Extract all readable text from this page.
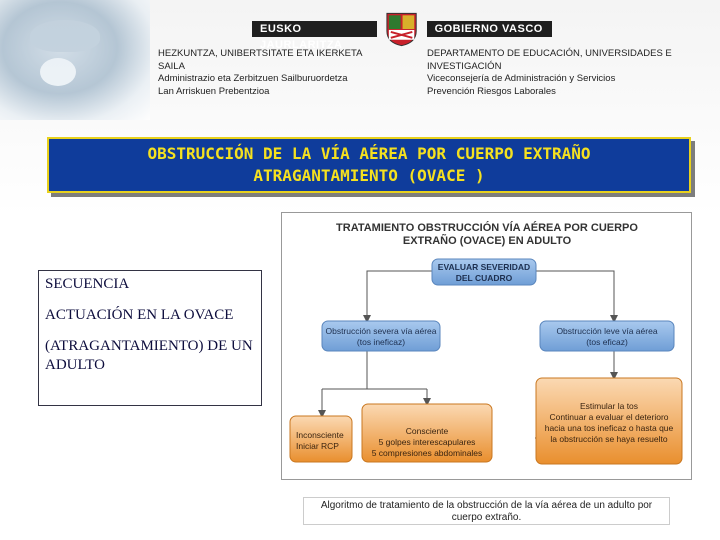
EUSKO JAURLARITZA
GOBIERNO VASCO
HEZKUNTZA, UNIBERTSITATE ETA IKERKETA
SAILA
Administrazio eta Zerbitzuen Sailburuordetza
Lan Arriskuen Prebentzioa
DEPARTAMENTO DE EDUCACIÓN, UNIVERSIDADES E
INVESTIGACIÓN
Viceconsejería de Administración y Servicios
Prevención Riesgos Laborales
OBSTRUCCIÓN DE LA VÍA AÉREA POR CUERPO EXTRAÑO
ATRAGANTAMIENTO (OVACE )
SECUENCIA
ACTUACIÓN EN LA OVACE
(ATRAGANTAMIENTO) DE UN ADULTO
TRATAMIENTO OBSTRUCCIÓN VÍA AÉREA POR CUERPO
EXTRAÑO (OVACE) EN ADULTO
EVALUAR SEVERIDAD
DEL CUADRO
Obstrucción severa vía aérea
(tos ineficaz)
Obstrucción leve vía aérea
(tos eficaz)
Inconsciente
Iniciar RCP
Consciente
5 golpes interescapulares
5 compresiones abdominales
Estimular la tos
Continuar a evaluar el deterioro
hacia una tos ineficaz o hasta que
la obstrucción se haya resuelto
Algoritmo de tratamiento de la obstrucción de la vía aérea de un adulto por
cuerpo extraño.
